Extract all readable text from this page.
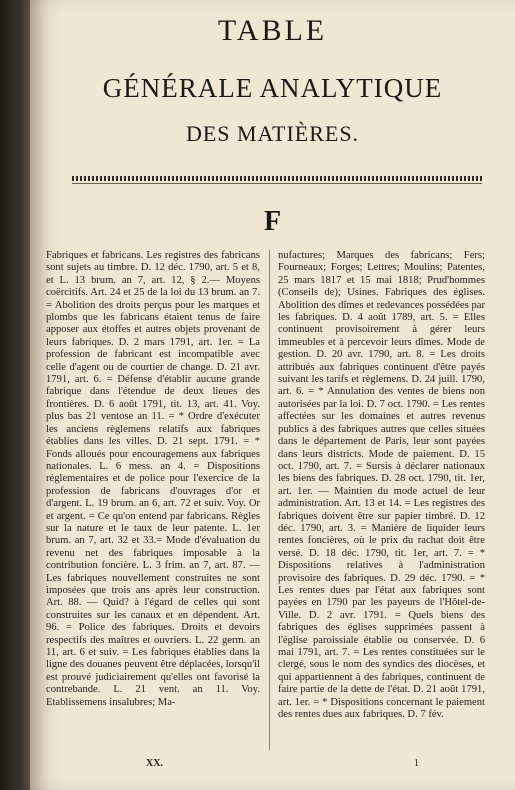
TABLE
GÉNÉRALE ANALYTIQUE
DES MATIÈRES.
F

Fabriques et fabricans. Les registres des fabricans sont sujets au timbre. D. 12 déc. 1790, art. 5 et 8, et L. 13 brum. an 7, art. 12, § 2.— Moyens coërcitifs. Art. 24 et 25 de la loi du 13 brum. an 7. = Abolition des droits perçus pour les marques et plombs que les fabricans étaient tenus de faire apposer aux étoffes et autres objets provenant de leurs fabriques. D. 2 mars 1791, art. 1er. = La profession de fabricant est incompatible avec celle d'agent ou de courtier de change. D. 21 avr. 1791, art. 6. = Défense d'établir aucune grande fabrique dans l'étendue de deux lieues des frontières. D. 6 août 1791, tit. 13, art. 41. Voy. plus bas 21 ventose an 11. = * Ordre d'exécuter les anciens règlemens relatifs aux fabriques établies dans les villes. D. 21 sept. 1791. = * Fonds alloués pour encouragemens aux fabriques nationales. L. 6 mess. an 4. = Dispositions réglementaires et de police pour l'exercice de la profession de fabricans d'ouvrages d'or et d'argent. L. 19 brum. an 6, art. 72 et suiv. Voy. Or et argent. = Ce qu'on entend par fabricans. Règles sur la nature et le taux de leur patente. L. 1er brum. an 7, art. 32 et 33.= Mode d'évaluation du revenu net des fabriques imposable à la contribution foncière. L. 3 frim. an 7, art. 87. — Les fabriques nouvellement construites ne sont imposées que trois ans après leur construction. Art. 88. — Quid? à l'égard de celles qui sont construites sur les canaux et en dépendent. Art. 96. = Police des fabriques. Droits et devoirs respectifs des maîtres et ouvriers. L. 22 germ. an 11, art. 6 et suiv. = Les fabriques établies dans la ligne des douanes peuvent être déplacées, lorsqu'il est prouvé judiciairement qu'elles ont favorisé la contrebande. L. 21 vent. an 11. Voy. Etablissemens insalubres; Ma-

nufactures; Marques des fabricans; Fers; Fourneaux; Forges; Lettres; Moulins; Patentes, 25 mars 1817 et 15 mai 1818; Prud'hommes (Conseils de); Usines. Fabriques des églises. Abolition des dîmes et redevances possédées par les fabriques. D. 4 août 1789, art. 5. = Elles continuent provisoirement à gérer leurs immeubles et à percevoir leurs dîmes. Mode de gestion. D. 20 avr. 1790, art. 8. = Les droits attribués aux fabriques continuent d'être payés suivant les tarifs et règlemens. D. 24 juill. 1790, art. 6. = * Annulation des ventes de biens non autorisées par la loi. D. 7 oct. 1790. = Les rentes affectées sur les domaines et autres revenus publics à des fabriques autres que celles situées dans le département de Paris, leur sont payées dans leurs districts. Mode de paiement. D. 15 oct. 1790, art. 7. = Sursis à déclarer nationaux les biens des fabriques. D. 28 oct. 1790, tit. 1er, art. 1er. — Maintien du mode actuel de leur administration. Art. 13 et 14. = Les registres des fabriques doivent être sur papier timbré. D. 12 déc. 1790, art. 3. = Manière de liquider leurs rentes foncières, où le prix du rachat doit être versé. D. 18 déc. 1790, tit. 1er, art. 7. = * Dispositions relatives à l'administration provisoire des fabriques. D. 29 déc. 1790. = * Les rentes dues par l'état aux fabriques sont payées en 1790 par les payeurs de l'Hôtel-de-Ville. D. 2 avr. 1791. = Quels biens des fabriques des églises supprimées passent à l'église paroissiale établie ou conservée. D. 6 mai 1791, art. 7. = Les rentes constituées sur le clergé, sous le nom des syndics des diocèses, et qui appartiennent à des fabriques, continuent de faire partie de la dette de l'état. D. 21 août 1791, art. 1er. = * Dispositions concernant le paiement des rentes dues aux fabriques. D. 7 fév.

XX.	1
